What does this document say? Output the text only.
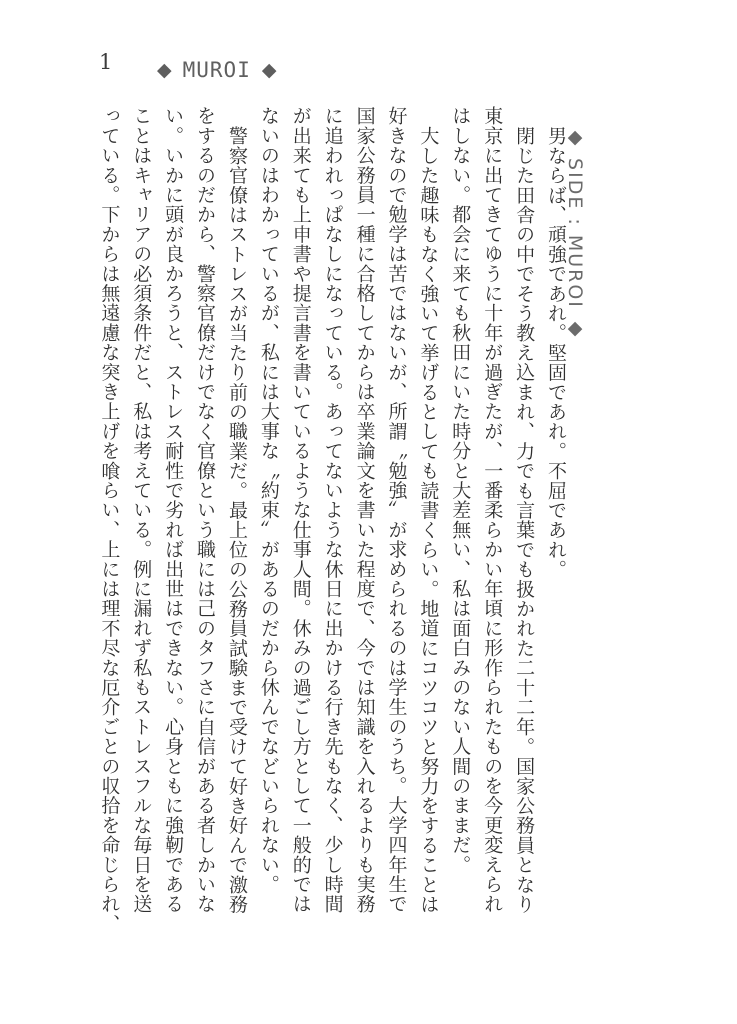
1 ◆ MUROI ◆
◆ SIDE : MUROI ◆
男ならば、頑強であれ。堅固であれ。不屈であれ。
閉じた田舎の中でそう教え込まれ、力でも言葉でも扱かれた二十二年。国家公務員となり
東京に出てきてゆうに十年が過ぎたが、一番柔らかい年頃に形作られたものを今更変えられ
はしない。都会に来ても秋田にいた時分と大差無い、私は面白みのない人間のままだ。
大した趣味もなく強いて挙げるとしても読書くらい。地道にコツコツと努力をすることは
好きなので勉学は苦ではないが、所謂〝勉強〟が求められるのは学生のうち。大学四年生で
国家公務員一種に合格してからは卒業論文を書いた程度で、今では知識を入れるよりも実務
に追われっぱなしになっている。あってないような休日に出かける行き先もなく、少し時間
が出来ても上申書や提言書を書いているような仕事人間。休みの過ごし方として一般的では
ないのはわかっているが、私には大事な〝約束〟があるのだから休んでなどいられない。
警察官僚はストレスが当たり前の職業だ。最上位の公務員試験まで受けて好き好んで激務
をするのだから、警察官僚だけでなく官僚という職には己のタフさに自信がある者しかいな
い。いかに頭が良かろうと、ストレス耐性で劣れば出世はできない。心身ともに強靭である
ことはキャリアの必須条件だと、私は考えている。例に漏れず私もストレスフルな毎日を送
っている。下からは無遠慮な突き上げを喰らい、上には理不尽な厄介ごとの収拾を命じられ、
